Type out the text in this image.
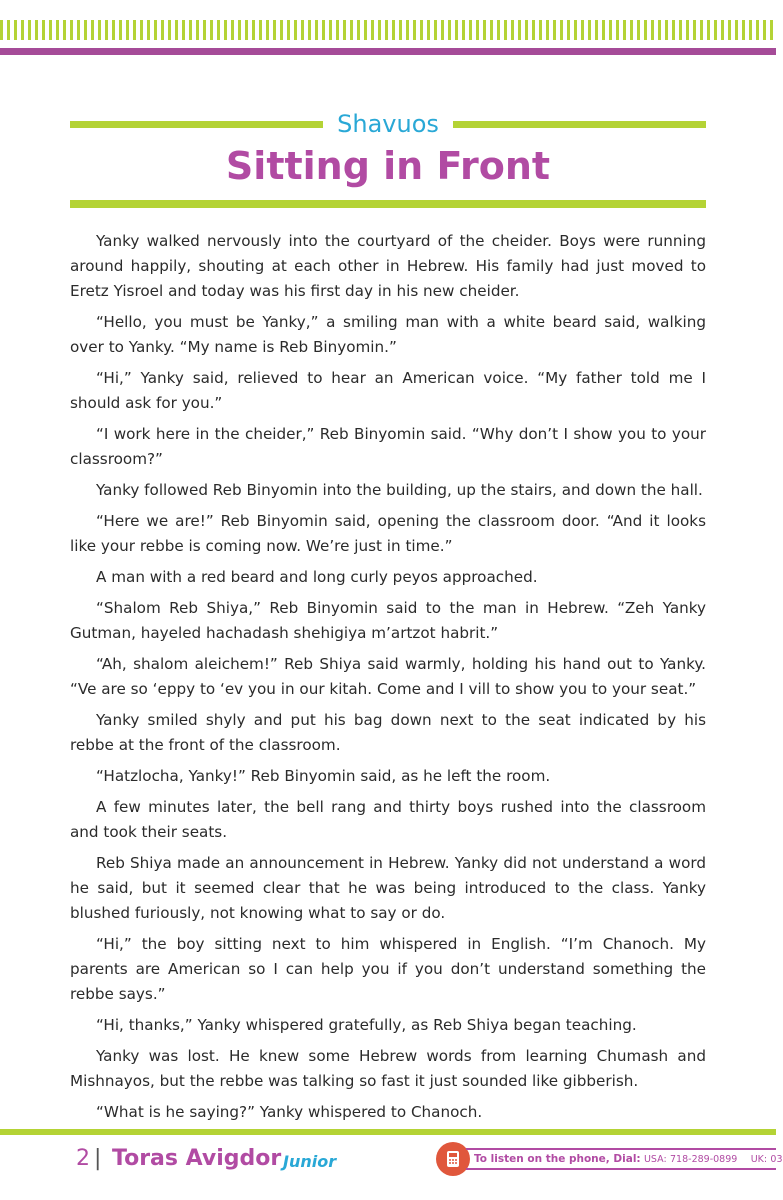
Shavuos
Sitting in Front

Yanky walked nervously into the courtyard of the cheider. Boys were running around happily, shouting at each other in Hebrew. His family had just moved to Eretz Yisroel and today was his first day in his new cheider.

“Hello, you must be Yanky,” a smiling man with a white beard said, walking over to Yanky. “My name is Reb Binyomin.”

“Hi,” Yanky said, relieved to hear an American voice. “My father told me I should ask for you.”

“I work here in the cheider,” Reb Binyomin said. “Why don’t I show you to your classroom?”

Yanky followed Reb Binyomin into the building, up the stairs, and down the hall.

“Here we are!” Reb Binyomin said, opening the classroom door. “And it looks like your rebbe is coming now. We’re just in time.”

A man with a red beard and long curly peyos approached.

“Shalom Reb Shiya,” Reb Binyomin said to the man in Hebrew. “Zeh Yanky Gutman, hayeled hachadash shehigiya m’artzot habrit.”

“Ah, shalom aleichem!” Reb Shiya said warmly, holding his hand out to Yanky. “Ve are so ‘eppy to ‘ev you in our kitah. Come and I vill to show you to your seat.”

Yanky smiled shyly and put his bag down next to the seat indicated by his rebbe at the front of the classroom.

“Hatzlocha, Yanky!” Reb Binyomin said, as he left the room.

A few minutes later, the bell rang and thirty boys rushed into the classroom and took their seats.

Reb Shiya made an announcement in Hebrew. Yanky did not understand a word he said, but it seemed clear that he was being introduced to the class. Yanky blushed furiously, not knowing what to say or do.

“Hi,” the boy sitting next to him whispered in English. “I’m Chanoch. My parents are American so I can help you if you don’t understand something the rebbe says.”

“Hi, thanks,” Yanky whispered gratefully, as Reb Shiya began teaching.

Yanky was lost. He knew some Hebrew words from learning Chumash and Mishnayos, but the rebbe was talking so fast it just sounded like gibberish.

“What is he saying?” Yanky whispered to Chanoch.

2 | Toras Avigdor Junior	To listen on the phone, Dial: USA: 718-289-0899 UK: 03
